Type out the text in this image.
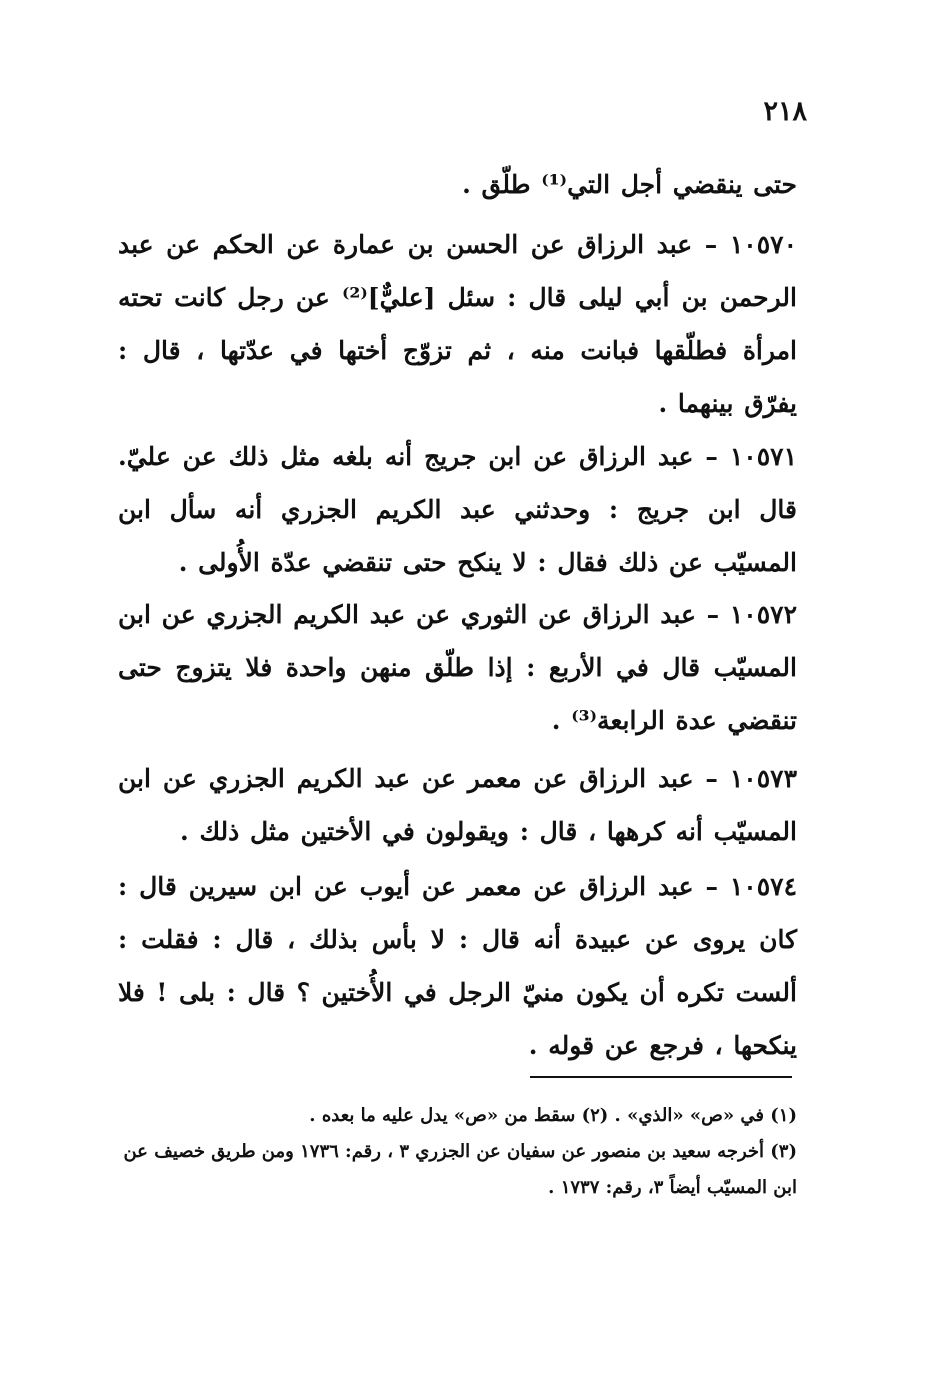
٢١٨

حتى ينقضي أجل التي⁽¹⁾ طلّق .

١٠٥٧٠ – عبد الرزاق عن الحسن بن عمارة عن الحكم عن عبد الرحمن بن أبي ليلى قال : سئل [عليٌّ]⁽²⁾ عن رجل كانت تحته امرأة فطلّقها فبانت منه ، ثم تزوّج أختها في عدّتها ، قال : يفرّق بينهما .

١٠٥٧١ – عبد الرزاق عن ابن جريج أنه بلغه مثل ذلك عن عليّ. قال ابن جريج : وحدثني عبد الكريم الجزري أنه سأل ابن المسيّب عن ذلك فقال : لا ينكح حتى تنقضي عدّة الأُولى .

١٠٥٧٢ – عبد الرزاق عن الثوري عن عبد الكريم الجزري عن ابن المسيّب قال في الأربع : إذا طلّق منهن واحدة فلا يتزوج حتى تنقضي عدة الرابعة⁽³⁾ .

١٠٥٧٣ – عبد الرزاق عن معمر عن عبد الكريم الجزري عن ابن المسيّب أنه كرهها ، قال : ويقولون في الأختين مثل ذلك .

١٠٥٧٤ – عبد الرزاق عن معمر عن أيوب عن ابن سيرين قال : كان يروى عن عبيدة أنه قال : لا بأس بذلك ، قال : فقلت : ألست تكره أن يكون منيّ الرجل في الأُختين ؟ قال : بلى ! فلا ينكحها ، فرجع عن قوله .

(١) في «ص» «الذي» . (٢) سقط من «ص» يدل عليه ما بعده .

(٣) أخرجه سعيد بن منصور عن سفيان عن الجزري ٣ ، رقم: ١٧٣٦ ومن طريق خصيف عن ابن المسيّب أيضاً ٣، رقم: ١٧٣٧ .
